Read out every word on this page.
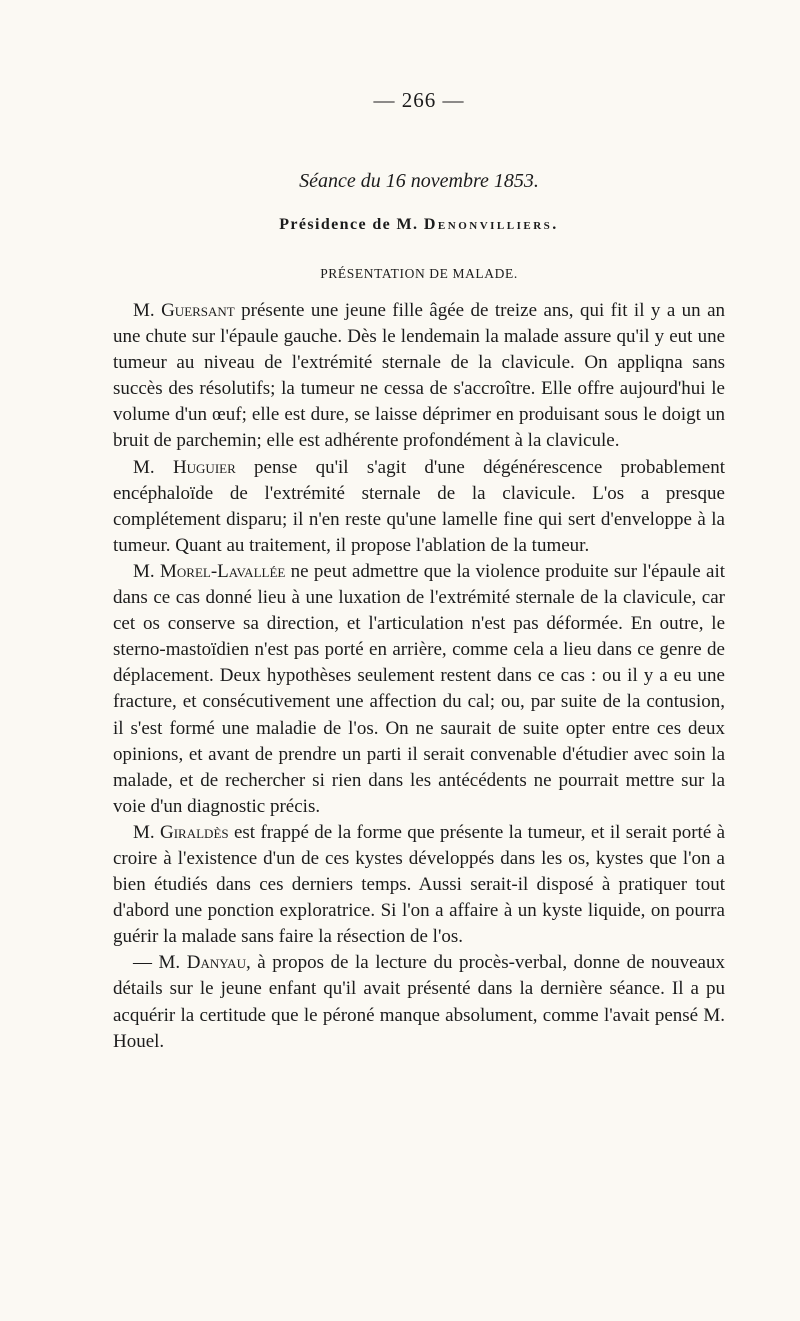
— 266 —
Séance du 16 novembre 1853.
Présidence de M. Denonvilliers.
PRÉSENTATION DE MALADE.

M. Guersant présente une jeune fille âgée de treize ans, qui fit il y a un an une chute sur l'épaule gauche. Dès le lendemain la malade assure qu'il y eut une tumeur au niveau de l'extrémité sternale de la clavicule. On appliqna sans succès des résolutifs; la tumeur ne cessa de s'accroître. Elle offre aujourd'hui le volume d'un œuf; elle est dure, se laisse déprimer en produisant sous le doigt un bruit de parchemin; elle est adhérente profondément à la clavicule.

M. Huguier pense qu'il s'agit d'une dégénérescence probablement encéphaloïde de l'extrémité sternale de la clavicule. L'os a presque complétement disparu; il n'en reste qu'une lamelle fine qui sert d'enveloppe à la tumeur. Quant au traitement, il propose l'ablation de la tumeur.

M. Morel-Lavallée ne peut admettre que la violence produite sur l'épaule ait dans ce cas donné lieu à une luxation de l'extrémité sternale de la clavicule, car cet os conserve sa direction, et l'articulation n'est pas déformée. En outre, le sterno-mastoïdien n'est pas porté en arrière, comme cela a lieu dans ce genre de déplacement. Deux hypothèses seulement restent dans ce cas : ou il y a eu une fracture, et consécutivement une affection du cal; ou, par suite de la contusion, il s'est formé une maladie de l'os. On ne saurait de suite opter entre ces deux opinions, et avant de prendre un parti il serait convenable d'étudier avec soin la malade, et de rechercher si rien dans les antécédents ne pourrait mettre sur la voie d'un diagnostic précis.

M. Giraldès est frappé de la forme que présente la tumeur, et il serait porté à croire à l'existence d'un de ces kystes développés dans les os, kystes que l'on a bien étudiés dans ces derniers temps. Aussi serait-il disposé à pratiquer tout d'abord une ponction exploratrice. Si l'on a affaire à un kyste liquide, on pourra guérir la malade sans faire la résection de l'os.

— M. Danyau, à propos de la lecture du procès-verbal, donne de nouveaux détails sur le jeune enfant qu'il avait présenté dans la dernière séance. Il a pu acquérir la certitude que le péroné manque absolument, comme l'avait pensé M. Houel.
